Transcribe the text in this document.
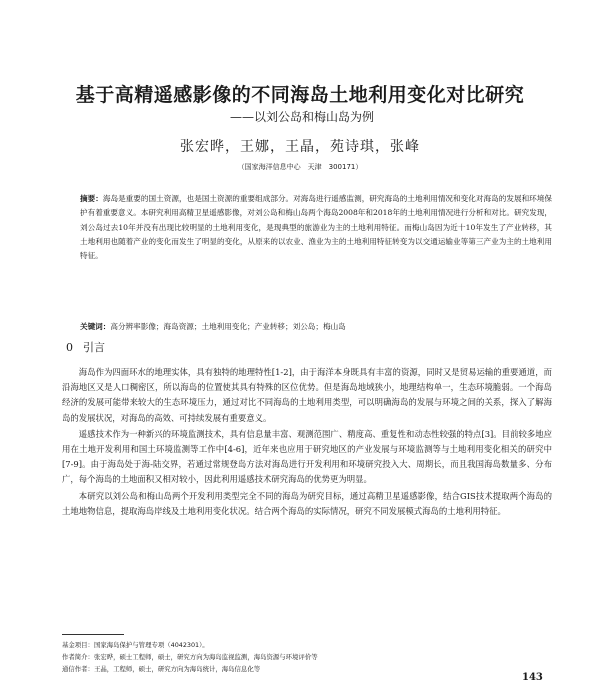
基于高精遥感影像的不同海岛土地利用变化对比研究
——以刘公岛和梅山岛为例
张宏晔，王娜，王晶，苑诗琪，张峰
（国家海洋信息中心　天津　300171）
摘要：海岛是重要的国土资源，也是国土资源的重要组成部分。对海岛进行遥感监测，研究海岛的土地利用情况和变化对海岛的发展和环境保护有着重要意义。本研究利用高精卫星遥感影像，对刘公岛和梅山岛两个海岛2008年和2018年的土地利用情况进行分析和对比。研究发现，刘公岛过去10年并没有出现比较明显的土地利用变化，是现典型的旅游业为主的土地利用特征。而梅山岛因为近十10年发生了产业转移，其土地利用也随着产业的变化而发生了明显的变化，从原来的以农业、渔业为主的土地利用特征转变为以交通运输业等第三产业为主的土地利用特征。
关键词：高分辨率影像；海岛资源；土地利用变化；产业转移；刘公岛；梅山岛
0 引言

海岛作为四面环水的地理实体，具有独特的地理特性[1-2]，由于海洋本身既具有丰富的资源，同时又是贸易运输的重要通道，而沿海地区又是人口稠密区，所以海岛的位置使其具有特殊的区位优势。但是海岛地域狭小，地理结构单一，生态环境脆弱。一个海岛经济的发展可能带来较大的生态环境压力，通过对比不同海岛的土地利用类型，可以明确海岛的发展与环境之间的关系，探入了解海岛的发展状况，对海岛的高效、可持续发展有重要意义。

遥感技术作为一种新兴的环境监测技术，具有信息量丰富、观测范围广、精度高、重复性和动态性较强的特点[3]。目前较多地应用在土地开发利用和国土环境监测等工作中[4-6]，近年来也应用于研究地区的产业发展与环境监测等与土地利用变化相关的研究中[7-9]。由于海岛处于海-陆交界，若通过常规登岛方法对海岛进行开发利用和环境研究投入大、周期长，而且我国海岛数量多、分布广，每个海岛的土地面积又相对较小，因此利用遥感技术研究海岛的优势更为明显。

本研究以刘公岛和梅山岛两个开发利用类型完全不同的海岛为研究目标，通过高精卫星遥感影像，结合GIS技术提取两个海岛的土地地物信息，提取海岛岸线及土地利用变化状况。结合两个海岛的实际情况，研究不同发展模式海岛的土地利用特征。

基金项目：国家海岛保护与管理专项（4042301）。
作者简介：张宏晔，硕士工程师，硕士，研究方向为海岛监视监测，海岛资源与环境评价等
通信作者：王晶，工程师，硕士，研究方向为海岛统计，海岛信息化等
143
